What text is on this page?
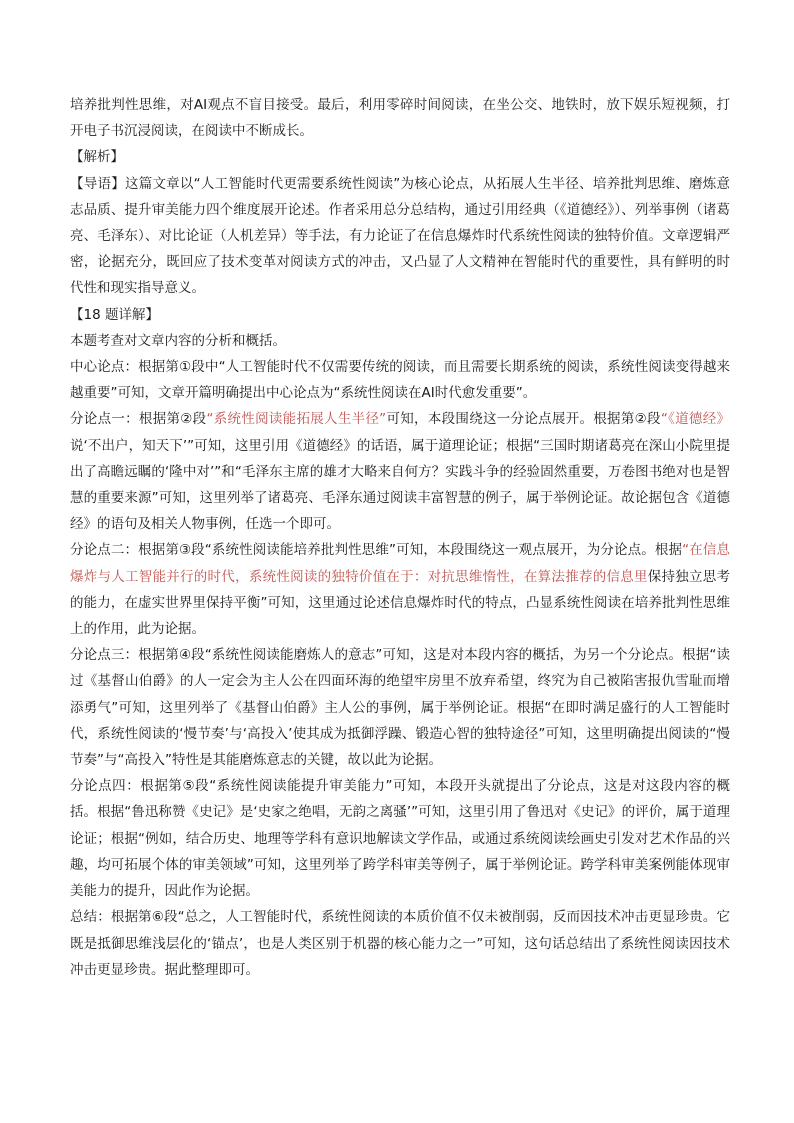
培养批判性思维，对AI观点不盲目接受。最后，利用零碎时间阅读，在坐公交、地铁时，放下娱乐短视频，打开电子书沉浸阅读，在阅读中不断成长。

【解析】

【导语】这篇文章以“人工智能时代更需要系统性阅读”为核心论点，从拓展人生半径、培养批判思维、磨炼意志品质、提升审美能力四个维度展开论述。作者采用总分总结构，通过引用经典（《道德经》）、列举事例（诸葛亮、毛泽东）、对比论证（人机差异）等手法，有力论证了在信息爆炸时代系统性阅读的独特价值。文章逻辑严密，论据充分，既回应了技术变革对阅读方式的冲击，又凸显了人文精神在智能时代的重要性，具有鲜明的时代性和现实指导意义。

【18 题详解】

本题考查对文章内容的分析和概括。

中心论点：根据第①段中“人工智能时代不仅需要传统的阅读，而且需要长期系统的阅读，系统性阅读变得越来越重要”可知，文章开篇明确提出中心论点为“系统性阅读在AI时代愈发重要”。

分论点一：根据第②段“系统性阅读能拓展人生半径”可知，本段围绕这一分论点展开。根据第②段“《道德经》说‘不出户，知天下’”可知，这里引用《道德经》的话语，属于道理论证；根据“三国时期诸葛亮在深山小院里提出了高瞻远瞩的‘隆中对’”和“毛泽东主席的雄才大略来自何方？实践斗争的经验固然重要，万卷图书绝对也是智慧的重要来源”可知，这里列举了诸葛亮、毛泽东通过阅读丰富智慧的例子，属于举例论证。故论据包含《道德经》的语句及相关人物事例，任选一个即可。

分论点二：根据第③段“系统性阅读能培养批判性思维”可知，本段围绕这一观点展开，为分论点。根据“在信息爆炸与人工智能并行的时代，系统性阅读的独特价值在于：对抗思维惰性，在算法推荐的信息里保持独立思考的能力，在虚实世界里保持平衡”可知，这里通过论述信息爆炸时代的特点，凸显系统性阅读在培养批判性思维上的作用，此为论据。

分论点三：根据第④段“系统性阅读能磨炼人的意志”可知，这是对本段内容的概括，为另一个分论点。根据“读过《基督山伯爵》的人一定会为主人公在四面环海的绝望牢房里不放弃希望，终究为自己被陷害报仇雪耻而增添勇气”可知，这里列举了《基督山伯爵》主人公的事例，属于举例论证。根据“在即时满足盛行的人工智能时代，系统性阅读的‘慢节奏’与‘高投入’使其成为抵御浮躁、锻造心智的独特途径”可知，这里明确提出阅读的“慢节奏”与“高投入”特性是其能磨炼意志的关键，故以此为论据。

分论点四：根据第⑤段“系统性阅读能提升审美能力”可知，本段开头就提出了分论点，这是对这段内容的概括。根据“鲁迅称赞《史记》是‘史家之绝唱，无韵之离骚’”可知，这里引用了鲁迅对《史记》的评价，属于道理论证；根据“例如，结合历史、地理等学科有意识地解读文学作品，或通过系统阅读绘画史引发对艺术作品的兴趣，均可拓展个体的审美领域”可知，这里列举了跨学科审美等例子，属于举例论证。跨学科审美案例能体现审美能力的提升，因此作为论据。

总结：根据第⑥段“总之，人工智能时代，系统性阅读的本质价值不仅未被削弱，反而因技术冲击更显珍贵。它既是抵御思维浅层化的‘锚点’，也是人类区别于机器的核心能力之一”可知，这句话总结出了系统性阅读因技术冲击更显珍贵。据此整理即可。
